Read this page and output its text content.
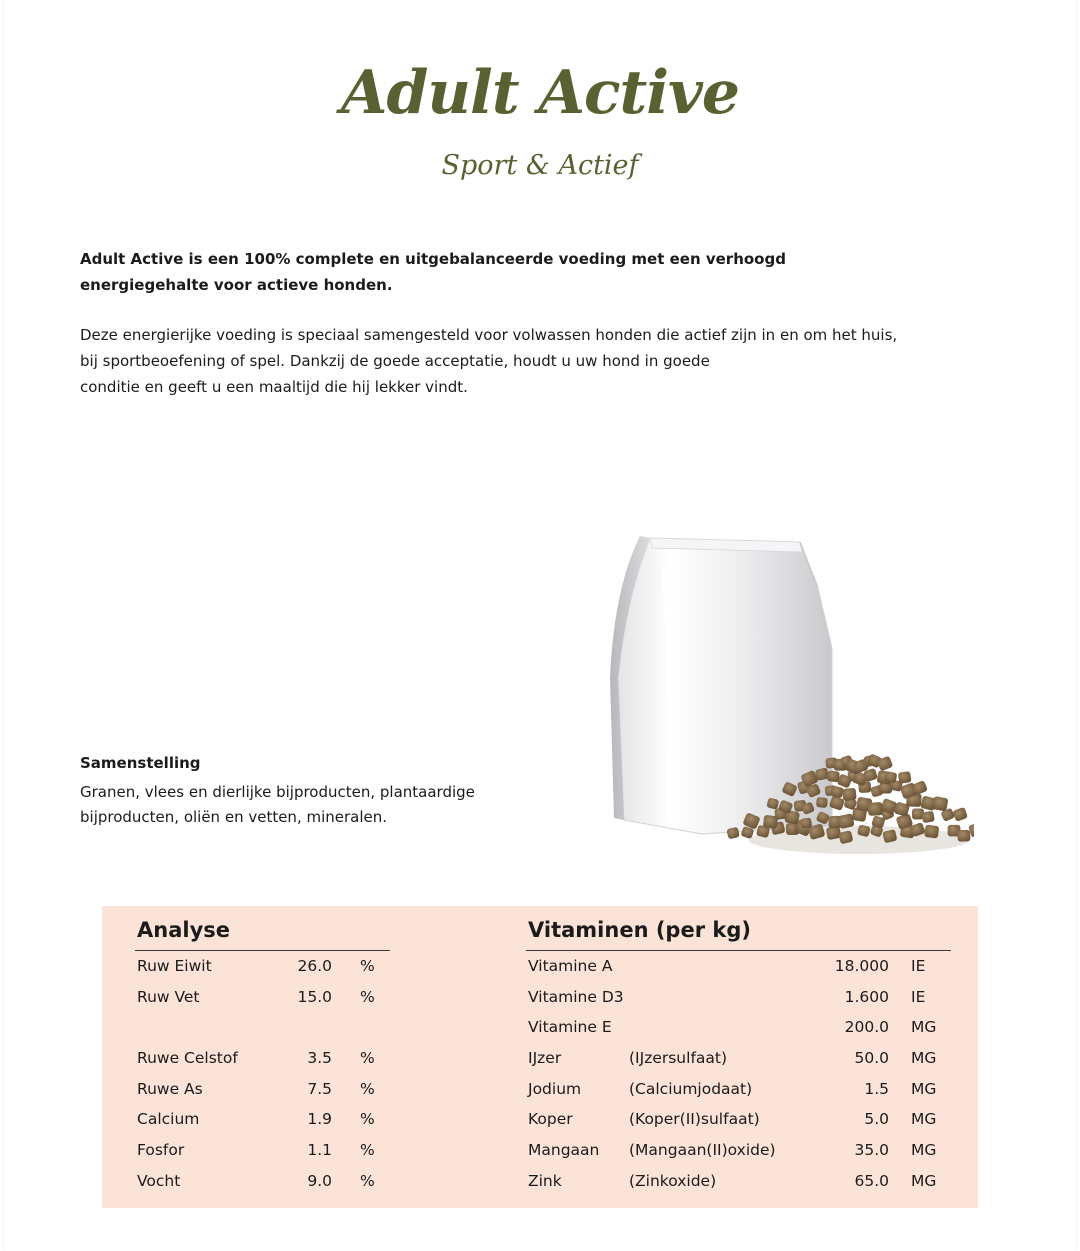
Adult Active
Sport & Actief

Adult Active is een 100% complete en uitgebalanceerde voeding met een verhoogd energiegehalte voor actieve honden.

Deze energierijke voeding is speciaal samengesteld voor volwassen honden die actief zijn in en om het huis,
bij sportbeoefening of spel. Dankzij de goede acceptatie, houdt u uw hond in goede
conditie en geeft u een maaltijd die hij lekker vindt.

Samenstelling

Granen, vlees en dierlijke bijproducten, plantaardige
bijproducten, oliën en vetten, mineralen.

Analyse	Vitaminen (per kg)
Ruw Eiwit	26.0 %
Ruw Vet	15.0 %
Ruwe Celstof	3.5 %
Ruwe As	7.5 %
Calcium	1.9 %
Fosfor	1.1 %
Vocht	9.0 %
Vitamine A	18.000 IE
Vitamine D3	1.600 IE
Vitamine E	200.0 MG
IJzer	(IJzersulfaat)	50.0 MG
Jodium	(Calciumjodaat)	1.5 MG
Koper	(Koper(II)sulfaat)	5.0 MG
Mangaan (Mangaan(II)oxide)	35.0 MG
Zink	(Zinkoxide)	65.0 MG
